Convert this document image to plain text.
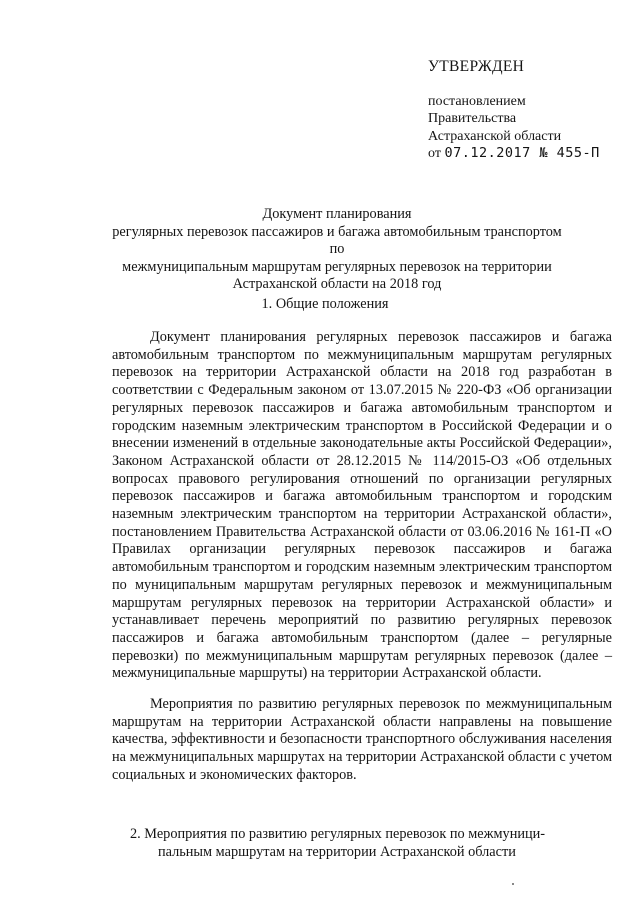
УТВЕРЖДЕН
постановлением
Правительства
Астраханской области
от 07.12.2017 № 455-П
Документ планирования
регулярных перевозок пассажиров и багажа автомобильным транспортом по
межмуниципальным маршрутам регулярных перевозок на территории
Астраханской области на 2018 год
1. Общие положения

Документ планирования регулярных перевозок пассажиров и багажа автомобильным транспортом по межмуниципальным маршрутам регулярных перевозок на территории Астраханской области на 2018 год разработан в соответствии с Федеральным законом от 13.07.2015 № 220-ФЗ «Об организации регулярных перевозок пассажиров и багажа автомобильным транспортом и городским наземным электрическим транспортом в Российской Федерации и о внесении изменений в отдельные законодательные акты Российской Федерации», Законом Астраханской области от 28.12.2015 № 114/2015-ОЗ «Об отдельных вопросах правового регулирования отношений по организации регулярных перевозок пассажиров и багажа автомобильным транспортом и городским наземным электрическим транспортом на территории Астраханской области», постановлением Правительства Астраханской области от 03.06.2016 № 161-П «О Правилах организации регулярных перевозок пассажиров и багажа автомобильным транспортом и городским наземным электрическим транспортом по муниципальным маршрутам регулярных перевозок и межмуниципальным маршрутам регулярных перевозок на территории Астраханской области» и устанавливает перечень мероприятий по развитию регулярных перевозок пассажиров и багажа автомобильным транспортом (далее – регулярные перевозки) по межмуниципальным маршрутам регулярных перевозок (далее – межмуниципальные маршруты) на территории Астраханской области.

Мероприятия по развитию регулярных перевозок по межмуниципальным маршрутам на территории Астраханской области направлены на повышение качества, эффективности и безопасности транспортного обслуживания населения на межмуниципальных маршрутах на территории Астраханской области с учетом социальных и экономических факторов.

2. Мероприятия по развитию регулярных перевозок по межмуници-
пальным маршрутам на территории Астраханской области
